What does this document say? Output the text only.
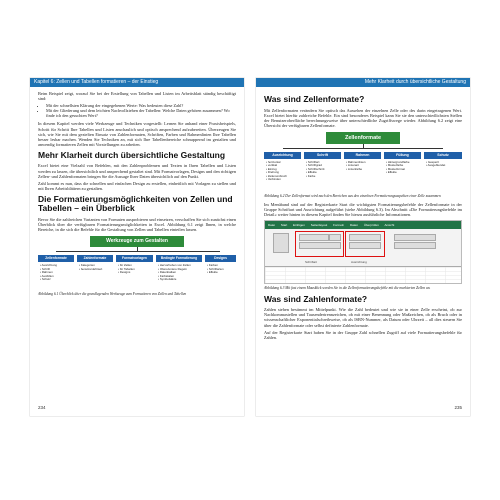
Kapitel 6: Zellen und Tabellen formatieren – der Einstieg

Beim Beispiel zeigt, worauf Sie bei der Erstellung von Tabellen und Listen im Arbeitsblatt ständig beschäftigt sind:

• Mit der schnellsten Klärung der eingegebenen Werte: Was bedeuten diese Zahl?
• Mit der Gliederung und dem leichten Nachvollziehen der Tabellen: Welche Daten gehören zusammen? Wo finde ich den gesuchten Wert?

In diesem Kapitel werden viele Werkzeuge und Techniken vorgestellt: Lernen Sie anhand einer Praxisbeispiels, Schritt für Schritt Ihre Tabellen und Listen anschaulich und optisch ansprechend aufzubereiten. Überzeugen Sie sich, wie Sie mit dem gezielten Einsatz von Zahlenformaten, Schriften, Farben und Rahmenlinien Ihre Tabellen besser lesbar machen. Wenden Sie Techniken an, mit sich Ihre Tabellenbereiche schnuppernd im gestalten und anwendig formatieren Zellen mit Vorstellungen zu arbeiten.

Mehr Klarheit durch übersichtliche Gestaltung

Excel bietet eine Vielzahl von Befehlen, mit den Zahlenproblemen und Texten in Ihren Tabellen und Listen werden zu lassen, die übersichtlich und ansprechend gestaltet sind. Mit Formatvorlagen, Designs und den richtigen Zellen- und Zahlenformaten bringen Sie die Aussage Ihrer Daten übersichtlich auf den Punkt.

Zahl kommt es nun, dass die schnellen und einfachen Design zu erstellen, einheitlich mit Vorlagen zu stellen und mit Ihren Arbeitsblättern zu gestalten.

Die Formatierungsmöglichkeiten von Zellen und Tabellen – ein Überblick

Bevor Sie die zahlreichen Varianten von Formaten ausprobieren und einsetzen, verschaffen Sie sich zunächst einen Überblick über die verfügbaren Formatierungsmöglichkeiten in Excel. Abbildung 6.1 zeigt Ihnen, in welche Bereiche, in die sich die Befehle für die Gestaltung von Zellen und Tabellen einteilen lassen.

Werkzeuge zum Gestalten
Zellenformate	Zahlenformate	Formatvorlagen	Bedingte Formatierung	Designs
• Ausrichtung
• Schrift
• Rahmen
• Ausfüllen
• Schutz
• Kategorien
• benutzerdefiniert
• für Zellen
• für Tabellen
• Designs
• Hervorheben von Zellen
• Obere/untere Regeln
• Datenbalken
• Farbskalen
• Symbolsätze
• Farben
• Schriftarten
• Effekte
Abbildung 6.1 Überblick über die grundlegenden Werkzeuge zum Formatieren von Zellen und Tabellen
234
Mehr Klarheit durch übersichtliche Gestaltung
Was sind Zellenformate?

Mit Zellenformaten verändern Sie optisch das Aussehen der einzelnen Zelle oder des darin eingetragenen Wert. Excel bietet hierfür zahlreiche Befehle. Ein sind besonderes Beispiel kann Sie sie den unterschiedlichsten Stellen der Benutzeroberfläche berechnungsweise über unterschiedliche Zugriffswege wieder. Abbildung 6.2 zeigt eine Übersicht der verfügbaren Zellenformate.

Zellenformate
Ausrichtung	Schrift	Rahmen	Füllung	Schutz
• horizontal
• vertikal
• Einzug
• Drehung
• Zeilenumbruch
• Verbinden
• Schriftart
• Schriftgrad
• Schriftschnitt
• Effekte
• Farbe
• Rahmenlinien
• Linienart
• Linienfarbe
• Hintergrundfarbe
• Musterfarbe
• Musterformat
• Effekte
• Gesperrt
• Ausgeblendet
Abbildung 6.2 Der Zellenformat wird nach den Bereichen aus den einzelnen Formatierungsaspekten einer Zelle zusammen

Im Menüband sind auf der Registerkarte Start die wichtigsten Formatierungsbefehle der Zellenformate in der Gruppe Schriftart und Ausrichtung aufgeführt (siehe Abbildung 6.3). Im Abschnitt »Die Formatierungsbefehle im Detail« weiter hinten in diesem Kapitel finden Sie hierzu ausführliche Informationen.

Datei Start Einfügen Seitenlayout Formeln Daten Überprüfen Ansicht
Schriftart	Ausrichtung
Abbildung 6.3 Mit fast einem Mausklick werden Sie in die Zellenformatierungsbefehle mit die markierten Zellen an.
Was sind Zahlenformate?

Zahlen stehen bestimmt im Mittelpunkt. Wie die Zahl bedeutet und wie sie in einer Zelle erscheint, ob zur Nachkommastellen und Tausendertrennzeichen, ob mit einer Benennung oder Maßzeichen, ob als Bruch oder in wissenschaftlicher Exponentialschreibweise, ob als ISBN-Nummer, als Datum oder Uhrzeit – all dies steuern Sie über die Zahlenformate oder selbst definierte Zahlenformate.

Auf der Registerkarte Start haben Sie in der Gruppe Zahl schnellen Zugriff auf viele Formatierungsbefehle für Zahlen.

235
